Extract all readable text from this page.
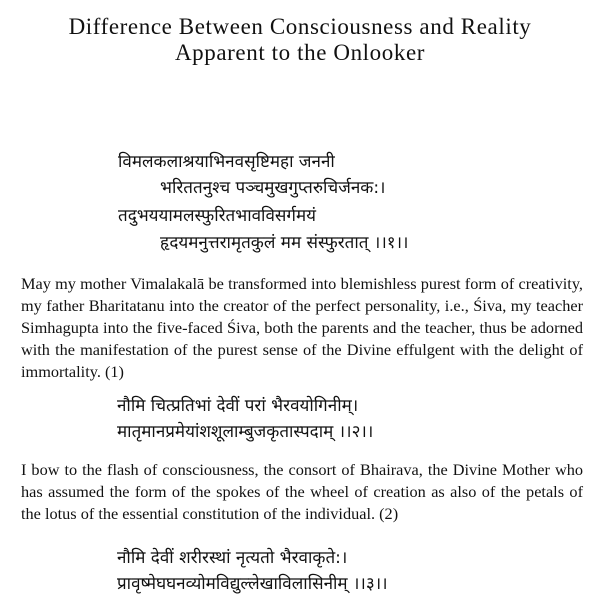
Difference Between Consciousness and Reality
Apparent to the Onlooker
विमलकलाश्रयाभिनवसृष्टिमहा जननी
भरिततनुश्च पञ्चमुखगुप्तरुचिर्जनक:।
तदुभययामलस्फुरितभावविसर्गमयं
हृदयमनुत्तरामृतकुलं मम संस्फुरतात् ।।१।।
May my mother Vimalakalā be transformed into blemishless purest form of creativity, my father Bharitatanu into the creator of the perfect personality, i.e., Śiva, my teacher Simhagupta into the five-faced Śiva, both the parents and the teacher, thus be adorned with the manifestation of the purest sense of the Divine effulgent with the delight of immortality. (1)
नौमि चित्प्रतिभां देवीं परां भैरवयोगिनीम्।
मातृमानप्रमेयांशशूलाम्बुजकृतास्पदाम् ।।२।।
I bow to the flash of consciousness, the consort of Bhairava, the Divine Mother who has assumed the form of the spokes of the wheel of creation as also of the petals of the lotus of the essential constitution of the individual. (2)
नौमि देवीं शरीरस्थां नृत्यतो भैरवाकृते:।
प्रावृष्मेघघनव्योमविद्युल्लेखाविलासिनीम् ।।३।।
